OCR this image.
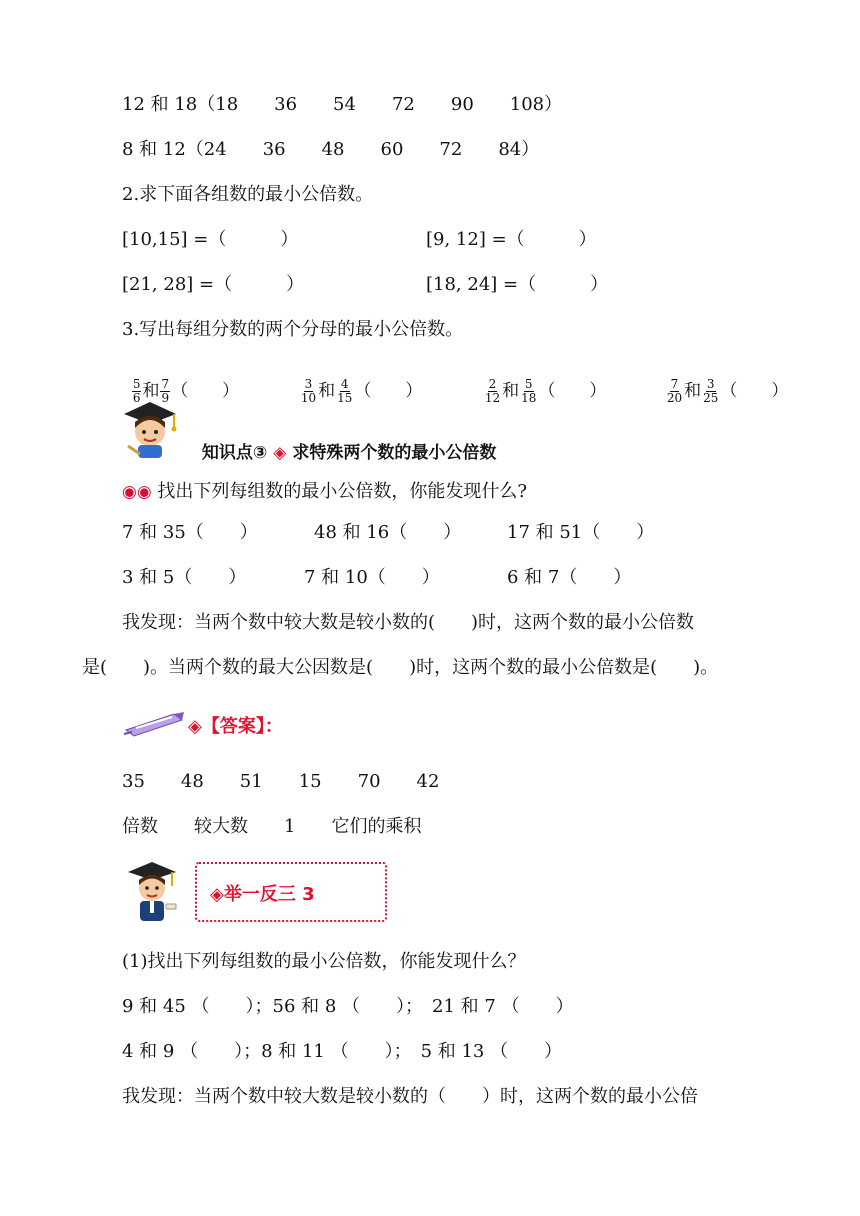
12 和 18（18　　36　　54　　72　　90　　108）
8 和 12（24　　36　　48　　60　　72　　84）
2.求下面各组数的最小公倍数。
[10,15] =（　　　）	[9, 12] =（　　　）
[21, 28] =（　　　）	[18, 24] =（　　　）
3.写出每组分数的两个分母的最小公倍数。

$\frac{5}{6}$ 和 $\frac{7}{9}$ （　　）

	$\frac{3}{10}$ 和 $\frac{4}{15}$ （　　）

	$\frac{2}{12}$ 和 $\frac{5}{18}$ （　　）

	$\frac{7}{20}$ 和 $\frac{3}{25}$ （　　）

知识点③ ◈ 求特殊两个数的最小公倍数

◉◉ 找出下列每组数的最小公倍数，你能发现什么?
7 和 35（　　）	48 和 16（　　）	17 和 51（　　）
3 和 5（　　）	7 和 10（　　）	6 和 7（　　）
我发现：当两个数中较大数是较小数的(　　)时，这两个数的最小公倍数
是(　　)。当两个数的最大公因数是(　　)时，这两个数的最小公倍数是(　　)。
◈【答案】：
35　　48　　51　　15　　70　　42
倍数　　较大数　　1　　它们的乘积
◈举一反三 3
(1)找出下列每组数的最小公倍数，你能发现什么？
9 和 45 （　　）；56 和 8 （　　）；　21 和 7 （　　）
4 和 9 （　　）；8 和 11 （　　）；　5 和 13 （　　）
我发现：当两个数中较大数是较小数的（　　）时，这两个数的最小公倍
